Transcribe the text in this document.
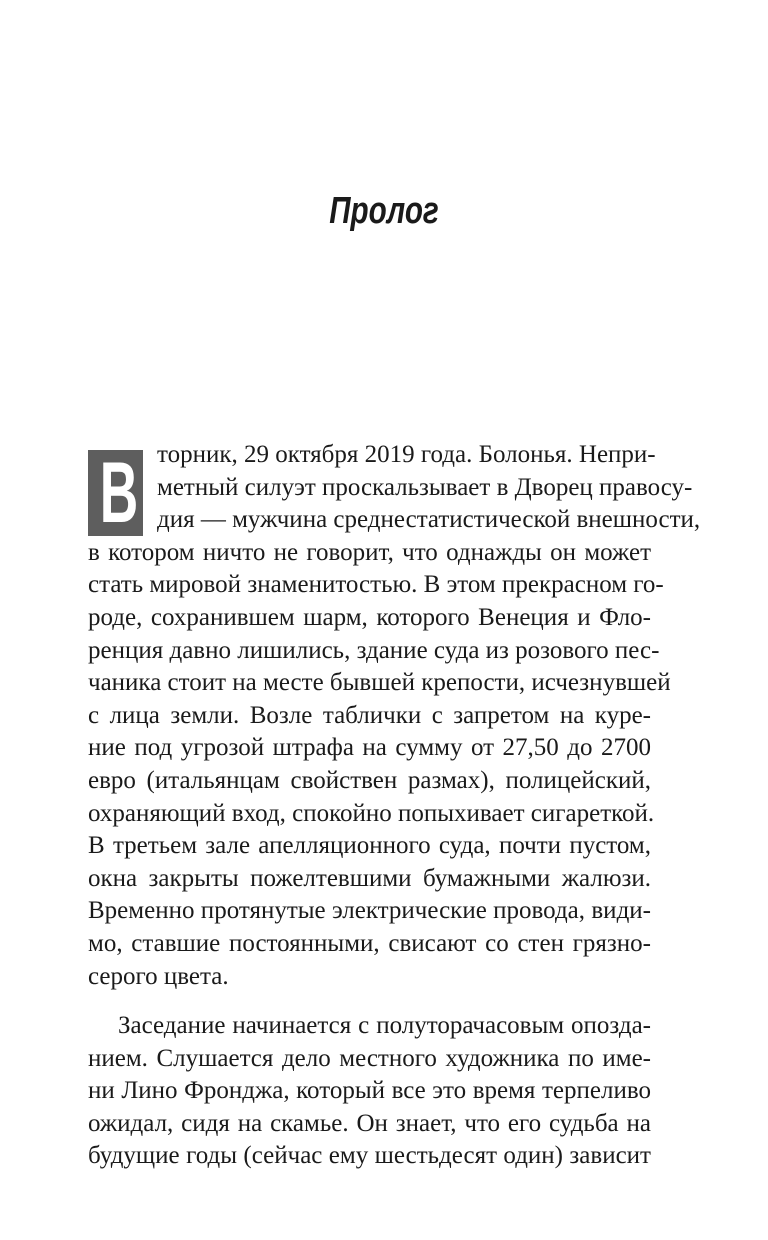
Пролог
В торник, 29 октября 2019 года. Болонья. Непри-
метный силуэт проскальзывает в Дворец правосу-
дия — мужчина среднестатистической внешности,
в котором ничто не говорит, что однажды он может
стать мировой знаменитостью. В этом прекрасном го-
роде, сохранившем шарм, которого Венеция и Фло-
ренция давно лишились, здание суда из розового пес-
чаника стоит на месте бывшей крепости, исчезнувшей
с лица земли. Возле таблички с запретом на куре-
ние под угрозой штрафа на сумму от 27,50 до 2700
евро (итальянцам свойствен размах), полицейский,
охраняющий вход, спокойно попыхивает сигареткой.
В третьем зале апелляционного суда, почти пустом,
окна закрыты пожелтевшими бумажными жалюзи.
Временно протянутые электрические провода, види-
мо, ставшие постоянными, свисают со стен грязно-
серого цвета.
Заседание начинается с полуторачасовым опозда-
нием. Слушается дело местного художника по име-
ни Лино Фронджа, который все это время терпеливо
ожидал, сидя на скамье. Он знает, что его судьба на
будущие годы (сейчас ему шестьдесят один) зависит
